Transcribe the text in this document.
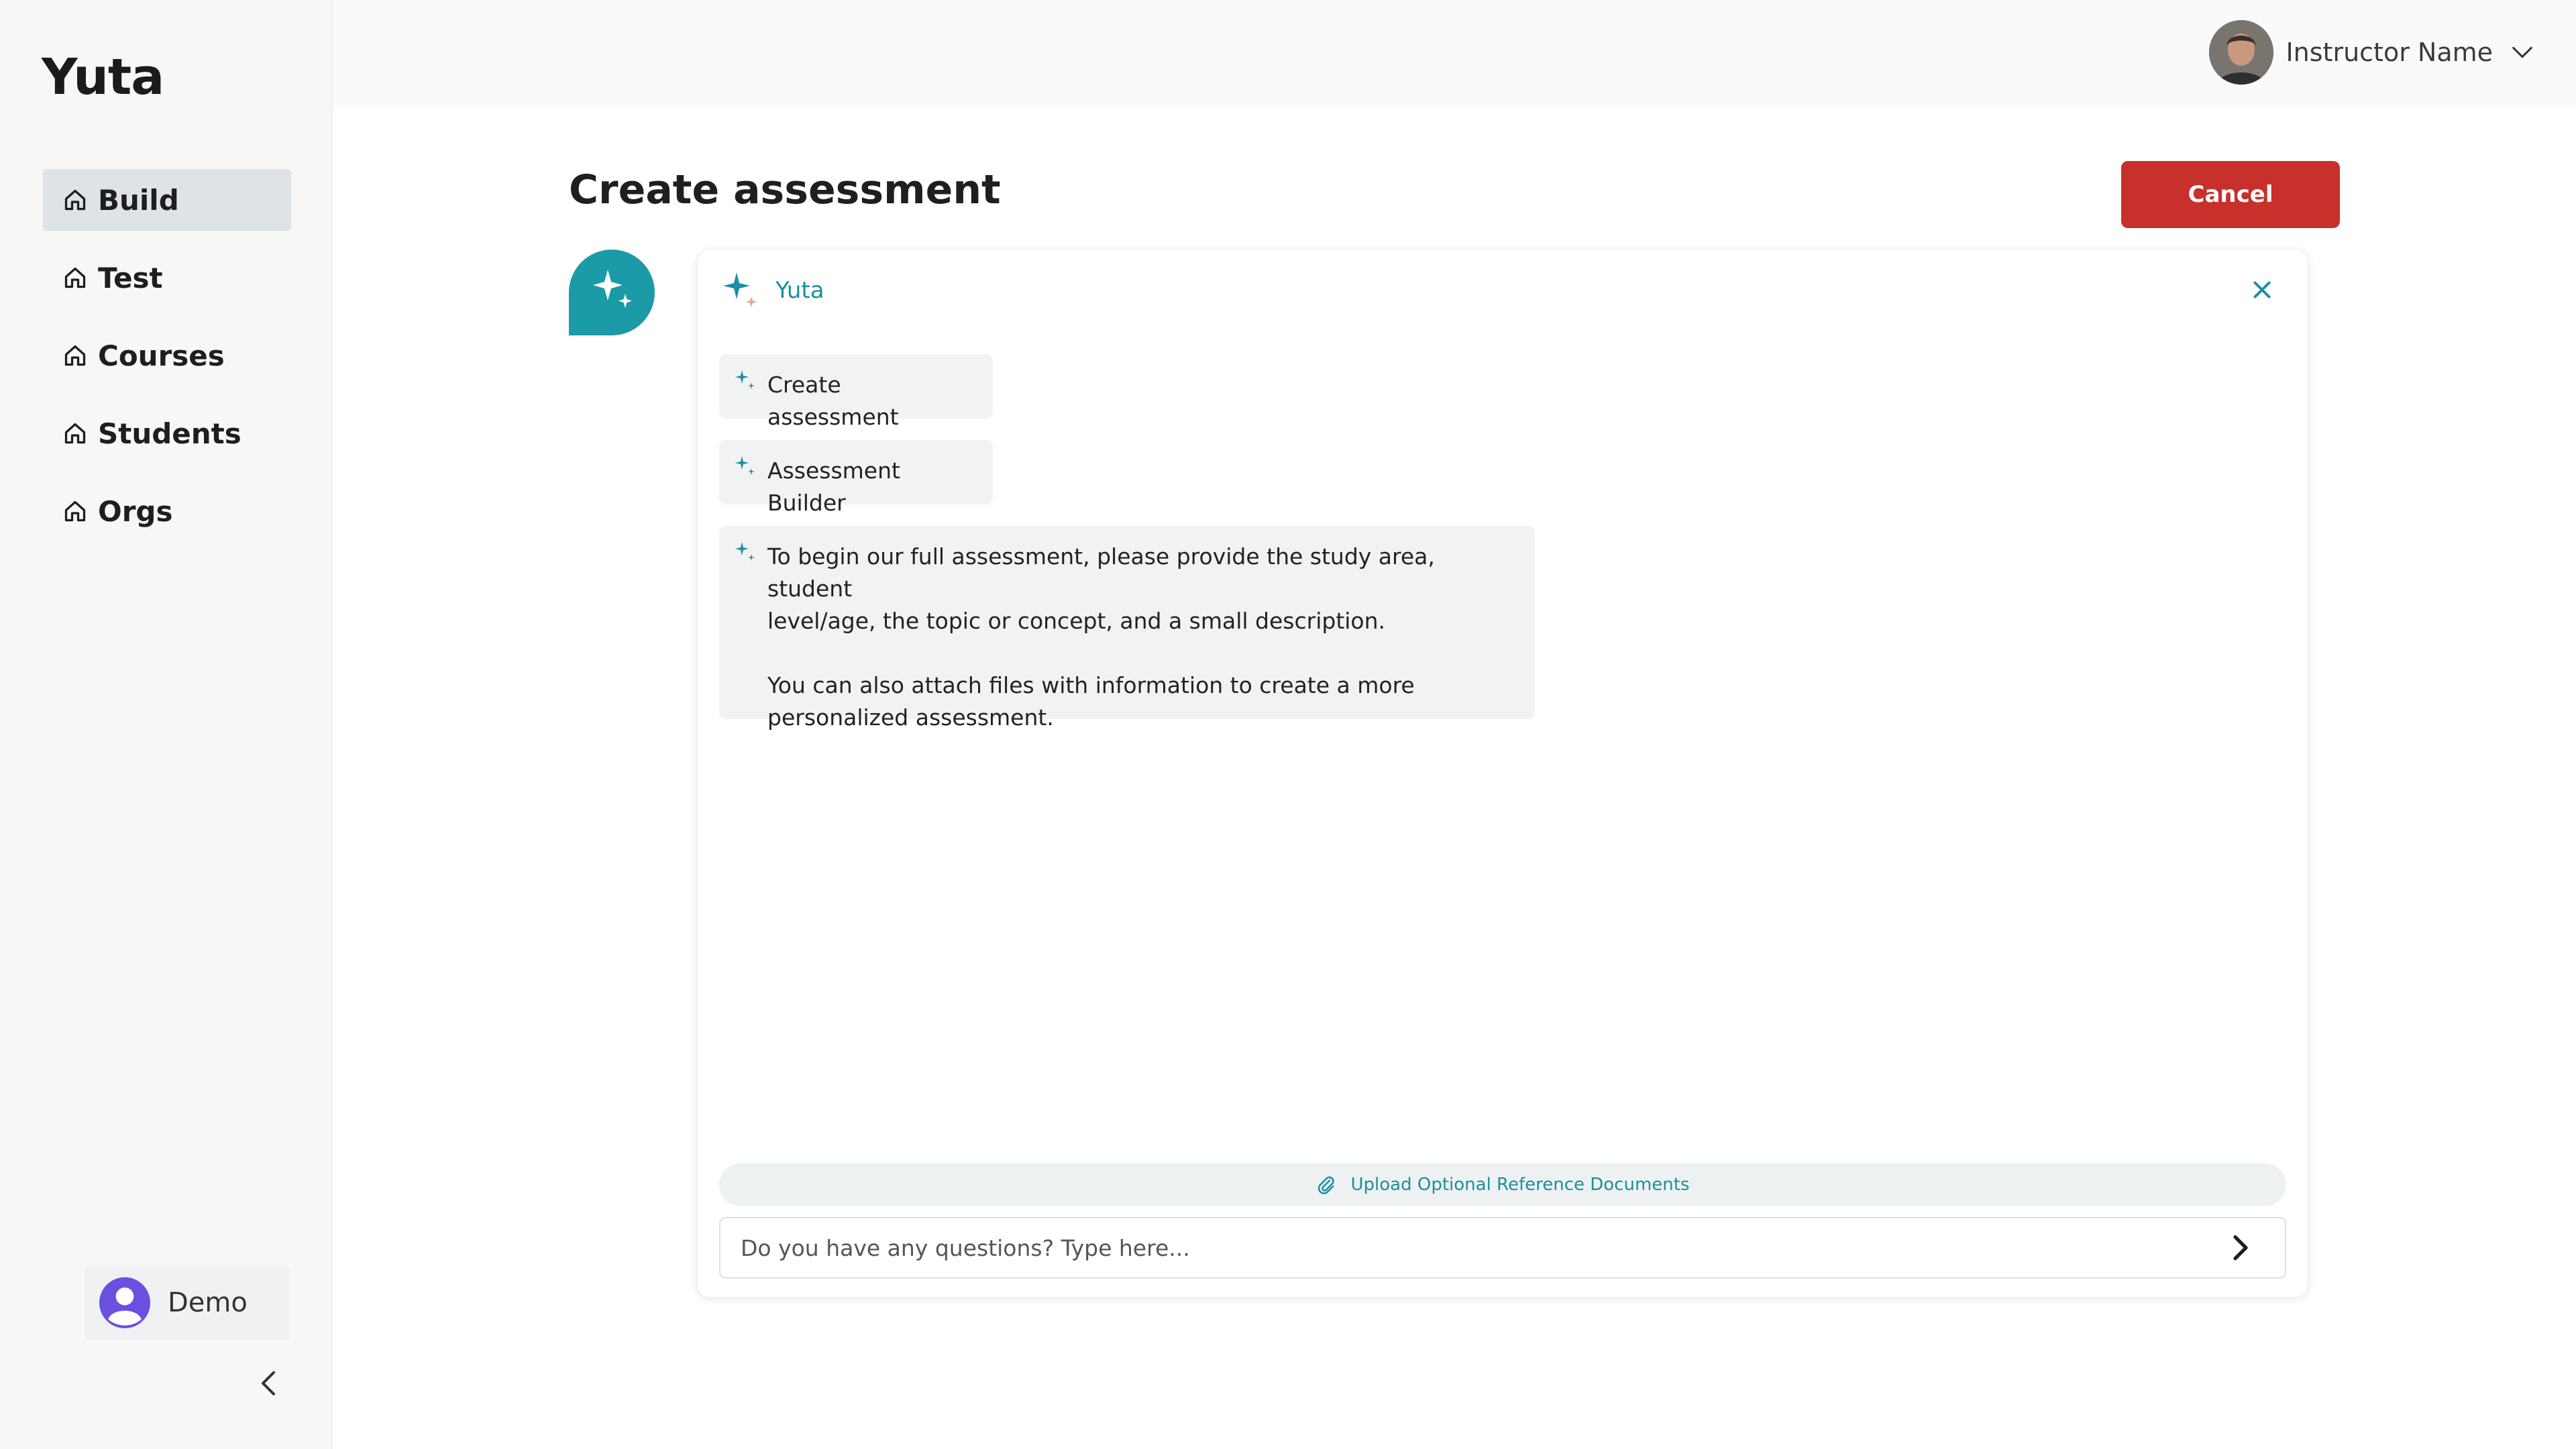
Yuta
Build
Test
Courses
Students
Orgs
Demo
Instructor Name
Create assessment	Cancel
Yuta
Create assessment
Assessment Builder
To begin our full assessment, please provide the study area, student
level/age, the topic or concept, and a small description.

You can also attach files with information to create a more
personalized assessment.
Upload Optional Reference Documents
Do you have any questions? Type here...
